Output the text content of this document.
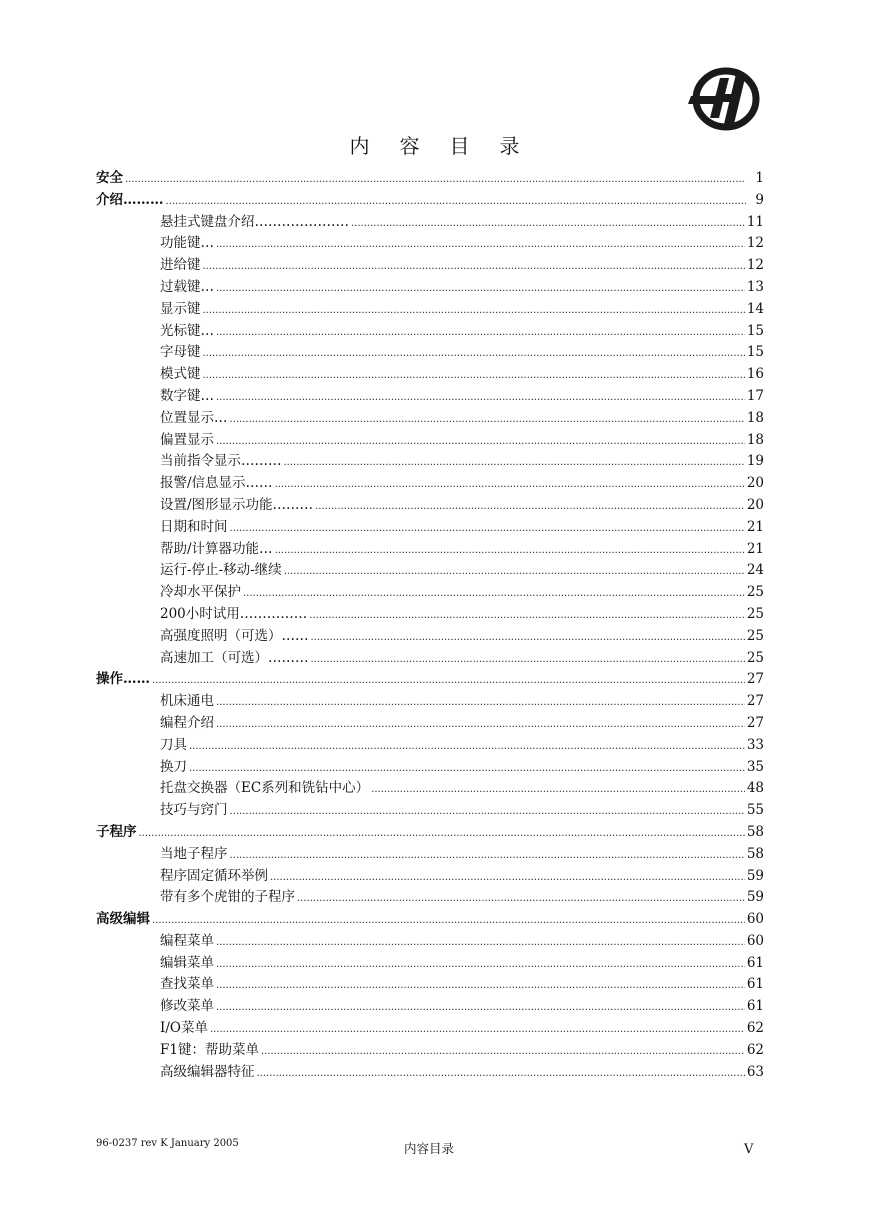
内容目录
安全 .....	1
介绍……… .....	9
悬挂式键盘介绍………………… .....	11
功能键… .....	12
进给键 .....	12
过载键… .....	13
显示键 .....	14
光标键… .....	15
字母键 .....	15
模式键 .....	16
数字键… .....	17
位置显示… .....	18
偏置显示 .....	18
当前指令显示……… .....	19
报警/信息显示…… .....	20
设置/图形显示功能……… .....	20
日期和时间 .....	21
帮助/计算器功能… .....	21
运行-停止-移动-继续 .....	24
冷却水平保护 .....	25
200小时试用…………… .....	25
高强度照明（可选）…… .....	25
高速加工（可选）……… .....	25
操作…… .....	27
机床通电 .....	27
编程介绍 .....	27
刀具 .....	33
换刀 .....	35
托盘交换器（EC系列和铣钻中心） .....	48
技巧与窍门 .....	55
子程序 .....	58
当地子程序 .....	58
程序固定循环举例 .....	59
带有多个虎钳的子程序 .....	59
高级编辑 .....	60
编程菜单 .....	60
编辑菜单 .....	61
查找菜单 .....	61
修改菜单 .....	61
I/O菜单 .....	62
F1键：帮助菜单 .....	62
高级编辑器特征 .....	63
96-0237 rev K January 2005	内容目录	V
